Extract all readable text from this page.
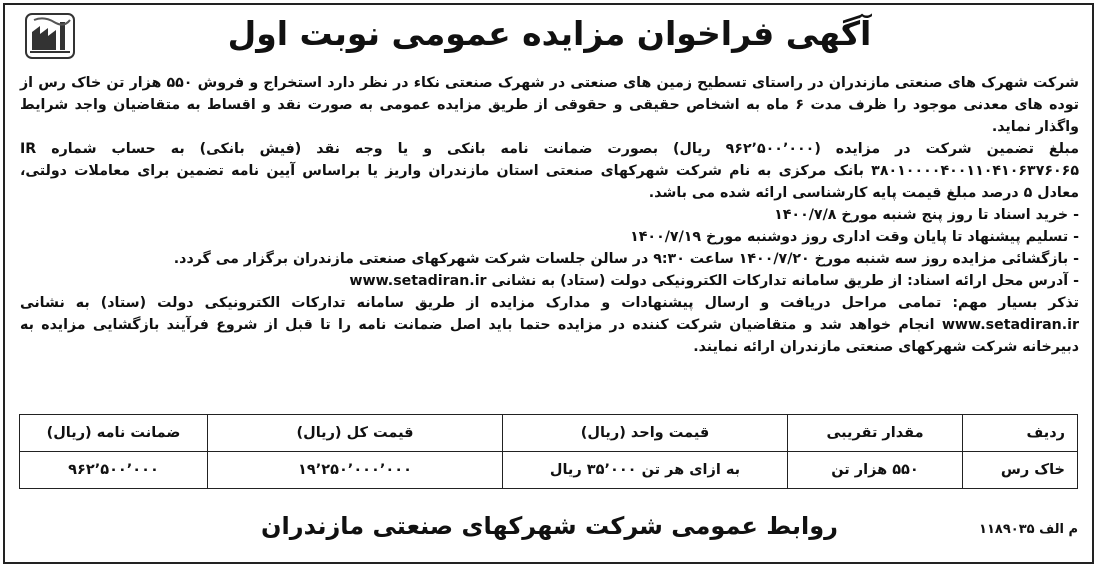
آگهی فراخوان مزایده عمومی نوبت اول

شرکت شهرک های صنعتی مازندران در راستای تسطیح زمین های صنعتی در شهرک صنعتی نکاء در نظر دارد استخراج و فروش ۵۵۰ هزار تن خاک رس از توده های معدنی موجود را ظرف مدت ۶ ماه به اشخاص حقیقی و حقوقی از طریق مزایده عمومی به صورت نقد و اقساط به متقاضیان واجد شرایط واگذار نماید.

مبلغ تضمین شرکت در مزایده (۹۶۲٬۵۰۰٬۰۰۰ ریال) بصورت ضمانت نامه بانکی و یا وجه نقد (فیش بانکی) به حساب شماره IR ۳۸۰۱۰۰۰۰۴۰۰۱۱۰۴۱۰۶۳۷۶۰۶۵ بانک مرکزی به نام شرکت شهرکهای صنعتی استان مازندران واریز یا براساس آیین نامه تضمین برای معاملات دولتی، معادل ۵ درصد مبلغ قیمت پایه کارشناسی ارائه شده می باشد.

- خرید اسناد تا روز پنج شنبه مورخ ۱۴۰۰/۷/۸

- تسلیم پیشنهاد تا پایان وقت اداری روز دوشنبه مورخ ۱۴۰۰/۷/۱۹

- بازگشائی مزایده روز سه شنبه مورخ ۱۴۰۰/۷/۲۰ ساعت ۹:۳۰ در سالن جلسات شرکت شهرکهای صنعتی مازندران برگزار می گردد.

- آدرس محل ارائه اسناد: از طریق سامانه تدارکات الکترونیکی دولت (ستاد) به نشانی www.setadiran.ir

تذکر بسیار مهم: تمامی مراحل دریافت و ارسال پیشنهادات و مدارک مزایده از طریق سامانه تدارکات الکترونیکی دولت (ستاد) به نشانی www.setadiran.ir انجام خواهد شد و متقاضیان شرکت کننده در مزایده حتما باید اصل ضمانت نامه را تا قبل از شروع فرآیند بازگشایی مزایده به دبیرخانه شرکت شهرکهای صنعتی مازندران ارائه نمایند.

ردیف	مقدار تقریبی	قیمت واحد (ریال)	قیمت کل (ریال)	ضمانت نامه (ریال)
خاک رس	۵۵۰ هزار تن	به ازای هر تن ۳۵٬۰۰۰ ریال	۱۹٬۲۵۰٬۰۰۰٬۰۰۰	۹۶۲٬۵۰۰٬۰۰۰
روابط عمومی شرکت شهرکهای صنعتی مازندران	م الف ۱۱۸۹۰۳۵
